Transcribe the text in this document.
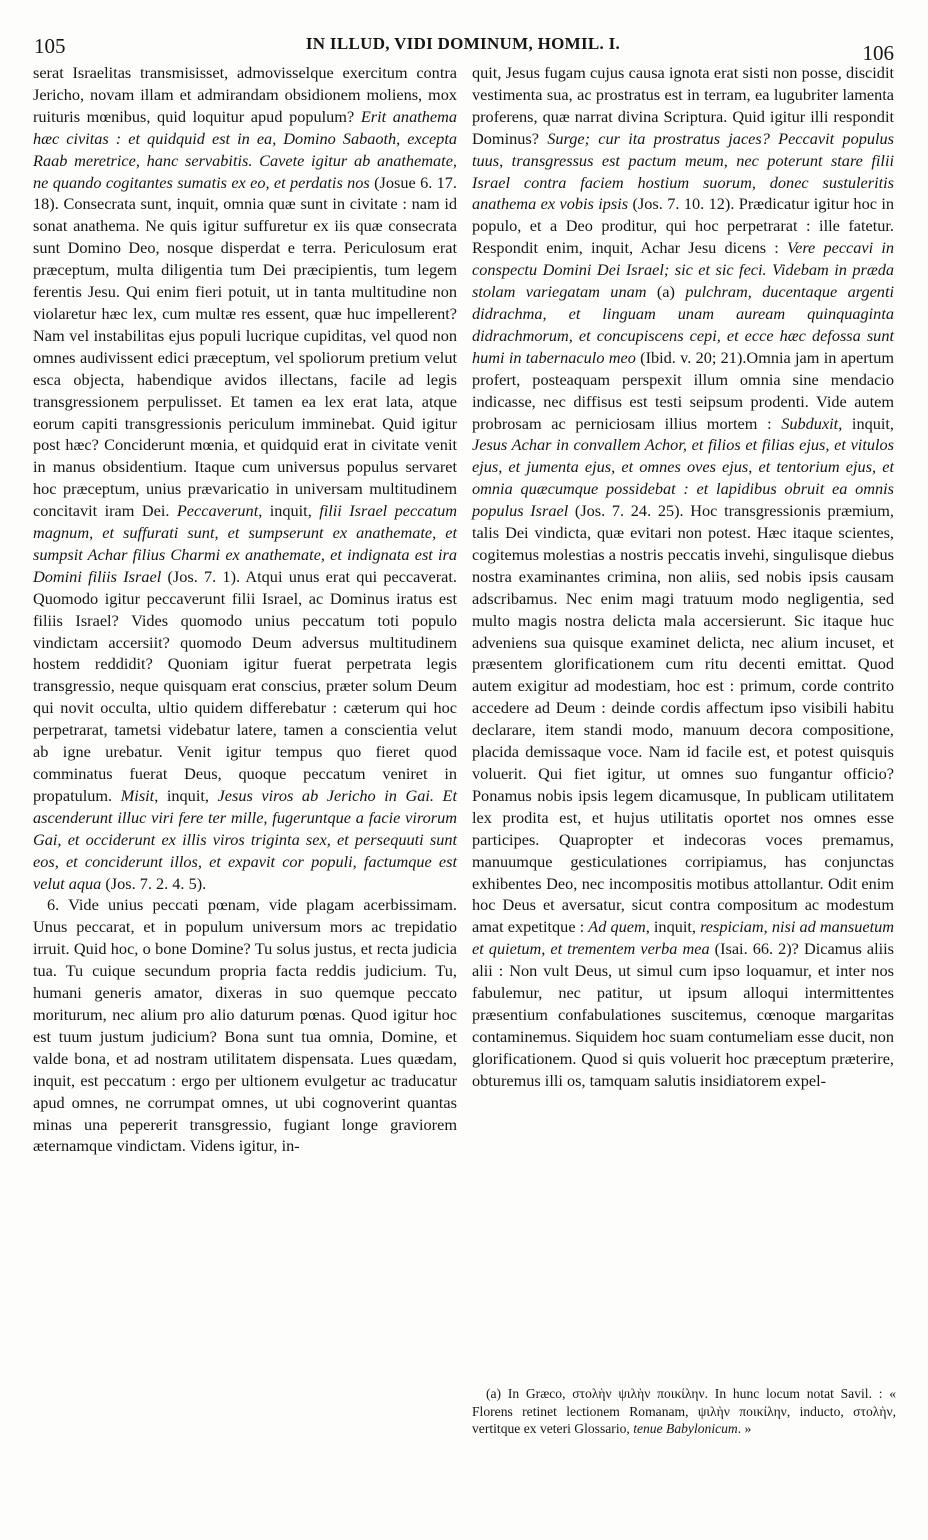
105	IN ILLUD, VIDI DOMINUM, HOMIL. I.	106

serat Israelitas transmisisset, admovisselque exercitum contra Jericho, novam illam et admirandam obsidionem moliens, mox ruituris mœnibus, quid loquitur apud populum? Erit anathema hæc civitas : et quidquid est in ea, Domino Sabaoth, excepta Raab meretrice, hanc servabitis. Cavete igitur ab anathemate, ne quando cogitantes sumatis ex eo, et perdatis nos (Josue 6. 17. 18). Consecrata sunt, inquit, omnia quæ sunt in civitate : nam id sonat anathema. Ne quis igitur suffuretur ex iis quæ consecrata sunt Domino Deo, nosque disperdat e terra. Periculosum erat præceptum, multa diligentia tum Dei præcipientis, tum legem ferentis Jesu. Qui enim fieri potuit, ut in tanta multitudine non violaretur hæc lex, cum multæ res essent, quæ huc impellerent? Nam vel instabilitas ejus populi lucrique cupiditas, vel quod non omnes audivissent edici præceptum, vel spoliorum pretium velut esca objecta, habendique avidos illectans, facile ad legis transgressionem perpulisset. Et tamen ea lex erat lata, atque eorum capiti transgressionis periculum imminebat. Quid igitur post hæc? Conciderunt mœnia, et quidquid erat in civitate venit in manus obsidentium. Itaque cum universus populus servaret hoc præceptum, unius prævaricatio in universam multitudinem concitavit iram Dei. Peccaverunt, inquit, filii Israel peccatum magnum, et suffurati sunt, et sumpserunt ex anathemate, et sumpsit Achar filius Charmi ex anathemate, et indignata est ira Domini filiis Israel (Jos. 7. 1). Atqui unus erat qui peccaverat. Quomodo igitur peccaverunt filii Israel, ac Dominus iratus est filiis Israel? Vides quomodo unius peccatum toti populo vindictam accersiit? quomodo Deum adversus multitudinem hostem reddidit? Quoniam igitur fuerat perpetrata legis transgressio, neque quisquam erat conscius, præter solum Deum qui novit occulta, ultio quidem differebatur : cæterum qui hoc perpetrarat, tametsi videbatur latere, tamen a conscientia velut ab igne urebatur. Venit igitur tempus quo fieret quod comminatus fuerat Deus, quoque peccatum veniret in propatulum. Misit, inquit, Jesus viros ab Jericho in Gai. Et ascenderunt illuc viri fere ter mille, fugeruntque a facie virorum Gai, et occiderunt ex illis viros triginta sex, et persequuti sunt eos, et conciderunt illos, et expavit cor populi, factumque est velut aqua (Jos. 7. 2. 4. 5).

6. Vide unius peccati pœnam, vide plagam acerbissimam. Unus peccarat, et in populum universum mors ac trepidatio irruit. Quid hoc, o bone Domine? Tu solus justus, et recta judicia tua. Tu cuique secundum propria facta reddis judicium. Tu, humani generis amator, dixeras in suo quemque peccato moriturum, nec alium pro alio daturum pœnas. Quod igitur hoc est tuum justum judicium? Bona sunt tua omnia, Domine, et valde bona, et ad nostram utilitatem dispensata. Lues quædam, inquit, est peccatum : ergo per ultionem evulgetur ac traducatur apud omnes, ne corrumpat omnes, ut ubi cognoverint quantas minas una pepererit transgressio, fugiant longe graviorem æternamque vindictam. Videns igitur, in-

quit, Jesus fugam cujus causa ignota erat sisti non posse, discidit vestimenta sua, ac prostratus est in terram, ea lugubriter lamenta proferens, quæ narrat divina Scriptura. Quid igitur illi respondit Dominus? Surge; cur ita prostratus jaces? Peccavit populus tuus, transgressus est pactum meum, nec poterunt stare filii Israel contra faciem hostium suorum, donec sustuleritis anathema ex vobis ipsis (Jos. 7. 10. 12). Prædicatur igitur hoc in populo, et a Deo proditur, qui hoc perpetrarat : ille fatetur. Respondit enim, inquit, Achar Jesu dicens : Vere peccavi in conspectu Domini Dei Israel; sic et sic feci. Videbam in præda stolam variegatam unam (a) pulchram, ducentaque argenti didrachma, et linguam unam auream quinquaginta didrachmorum, et concupiscens cepi, et ecce hæc defossa sunt humi in tabernaculo meo (Ibid. v. 20; 21).Omnia jam in apertum profert, posteaquam perspexit illum omnia sine mendacio indicasse, nec diffisus est testi seipsum prodenti. Vide autem probrosam ac perniciosam illius mortem : Subduxit, inquit, Jesus Achar in convallem Achor, et filios et filias ejus, et vitulos ejus, et jumenta ejus, et omnes oves ejus, et tentorium ejus, et omnia quæcumque possidebat : et lapidibus obruit ea omnis populus Israel (Jos. 7. 24. 25). Hoc transgressionis præmium, talis Dei vindicta, quæ evitari non potest. Hæc itaque scientes, cogitemus molestias a nostris peccatis invehi, singulisque diebus nostra examinantes crimina, non aliis, sed nobis ipsis causam adscribamus. Nec enim magi tratuum modo negligentia, sed multo magis nostra delicta mala accersierunt. Sic itaque huc adveniens sua quisque examinet delicta, nec alium incuset, et præsentem glorificationem cum ritu decenti emittat. Quod autem exigitur ad modestiam, hoc est : primum, corde contrito accedere ad Deum : deinde cordis affectum ipso visibili habitu declarare, item standi modo, manuum decora compositione, placida demissaque voce. Nam id facile est, et potest quisquis voluerit. Qui fiet igitur, ut omnes suo fungantur officio? Ponamus nobis ipsis legem dicamusque, In publicam utilitatem lex prodita est, et hujus utilitatis oportet nos omnes esse participes. Quapropter et indecoras voces premamus, manuumque gesticulationes corripiamus, has conjunctas exhibentes Deo, nec incompositis motibus attollantur. Odit enim hoc Deus et aversatur, sicut contra compositum ac modestum amat expetitque : Ad quem, inquit, respiciam, nisi ad mansuetum et quietum, et trementem verba mea (Isai. 66. 2)? Dicamus aliis alii : Non vult Deus, ut simul cum ipso loquamur, et inter nos fabulemur, nec patitur, ut ipsum alloqui intermittentes præsentium confabulationes suscitemus, cœnoque margaritas contaminemus. Siquidem hoc suam contumeliam esse ducit, non glorificationem. Quod si quis voluerit hoc præceptum præterire, obturemus illi os, tamquam salutis insidiatorem expel-

(a) In Græco, στολὴν ψιλὴν ποικίλην. In hunc locum notat Savil. : « Florens retinet lectionem Romanam, ψιλὴν ποικίλην, inducto, στολὴν, vertitque ex veteri Glossario, tenue Babylonicum. »
